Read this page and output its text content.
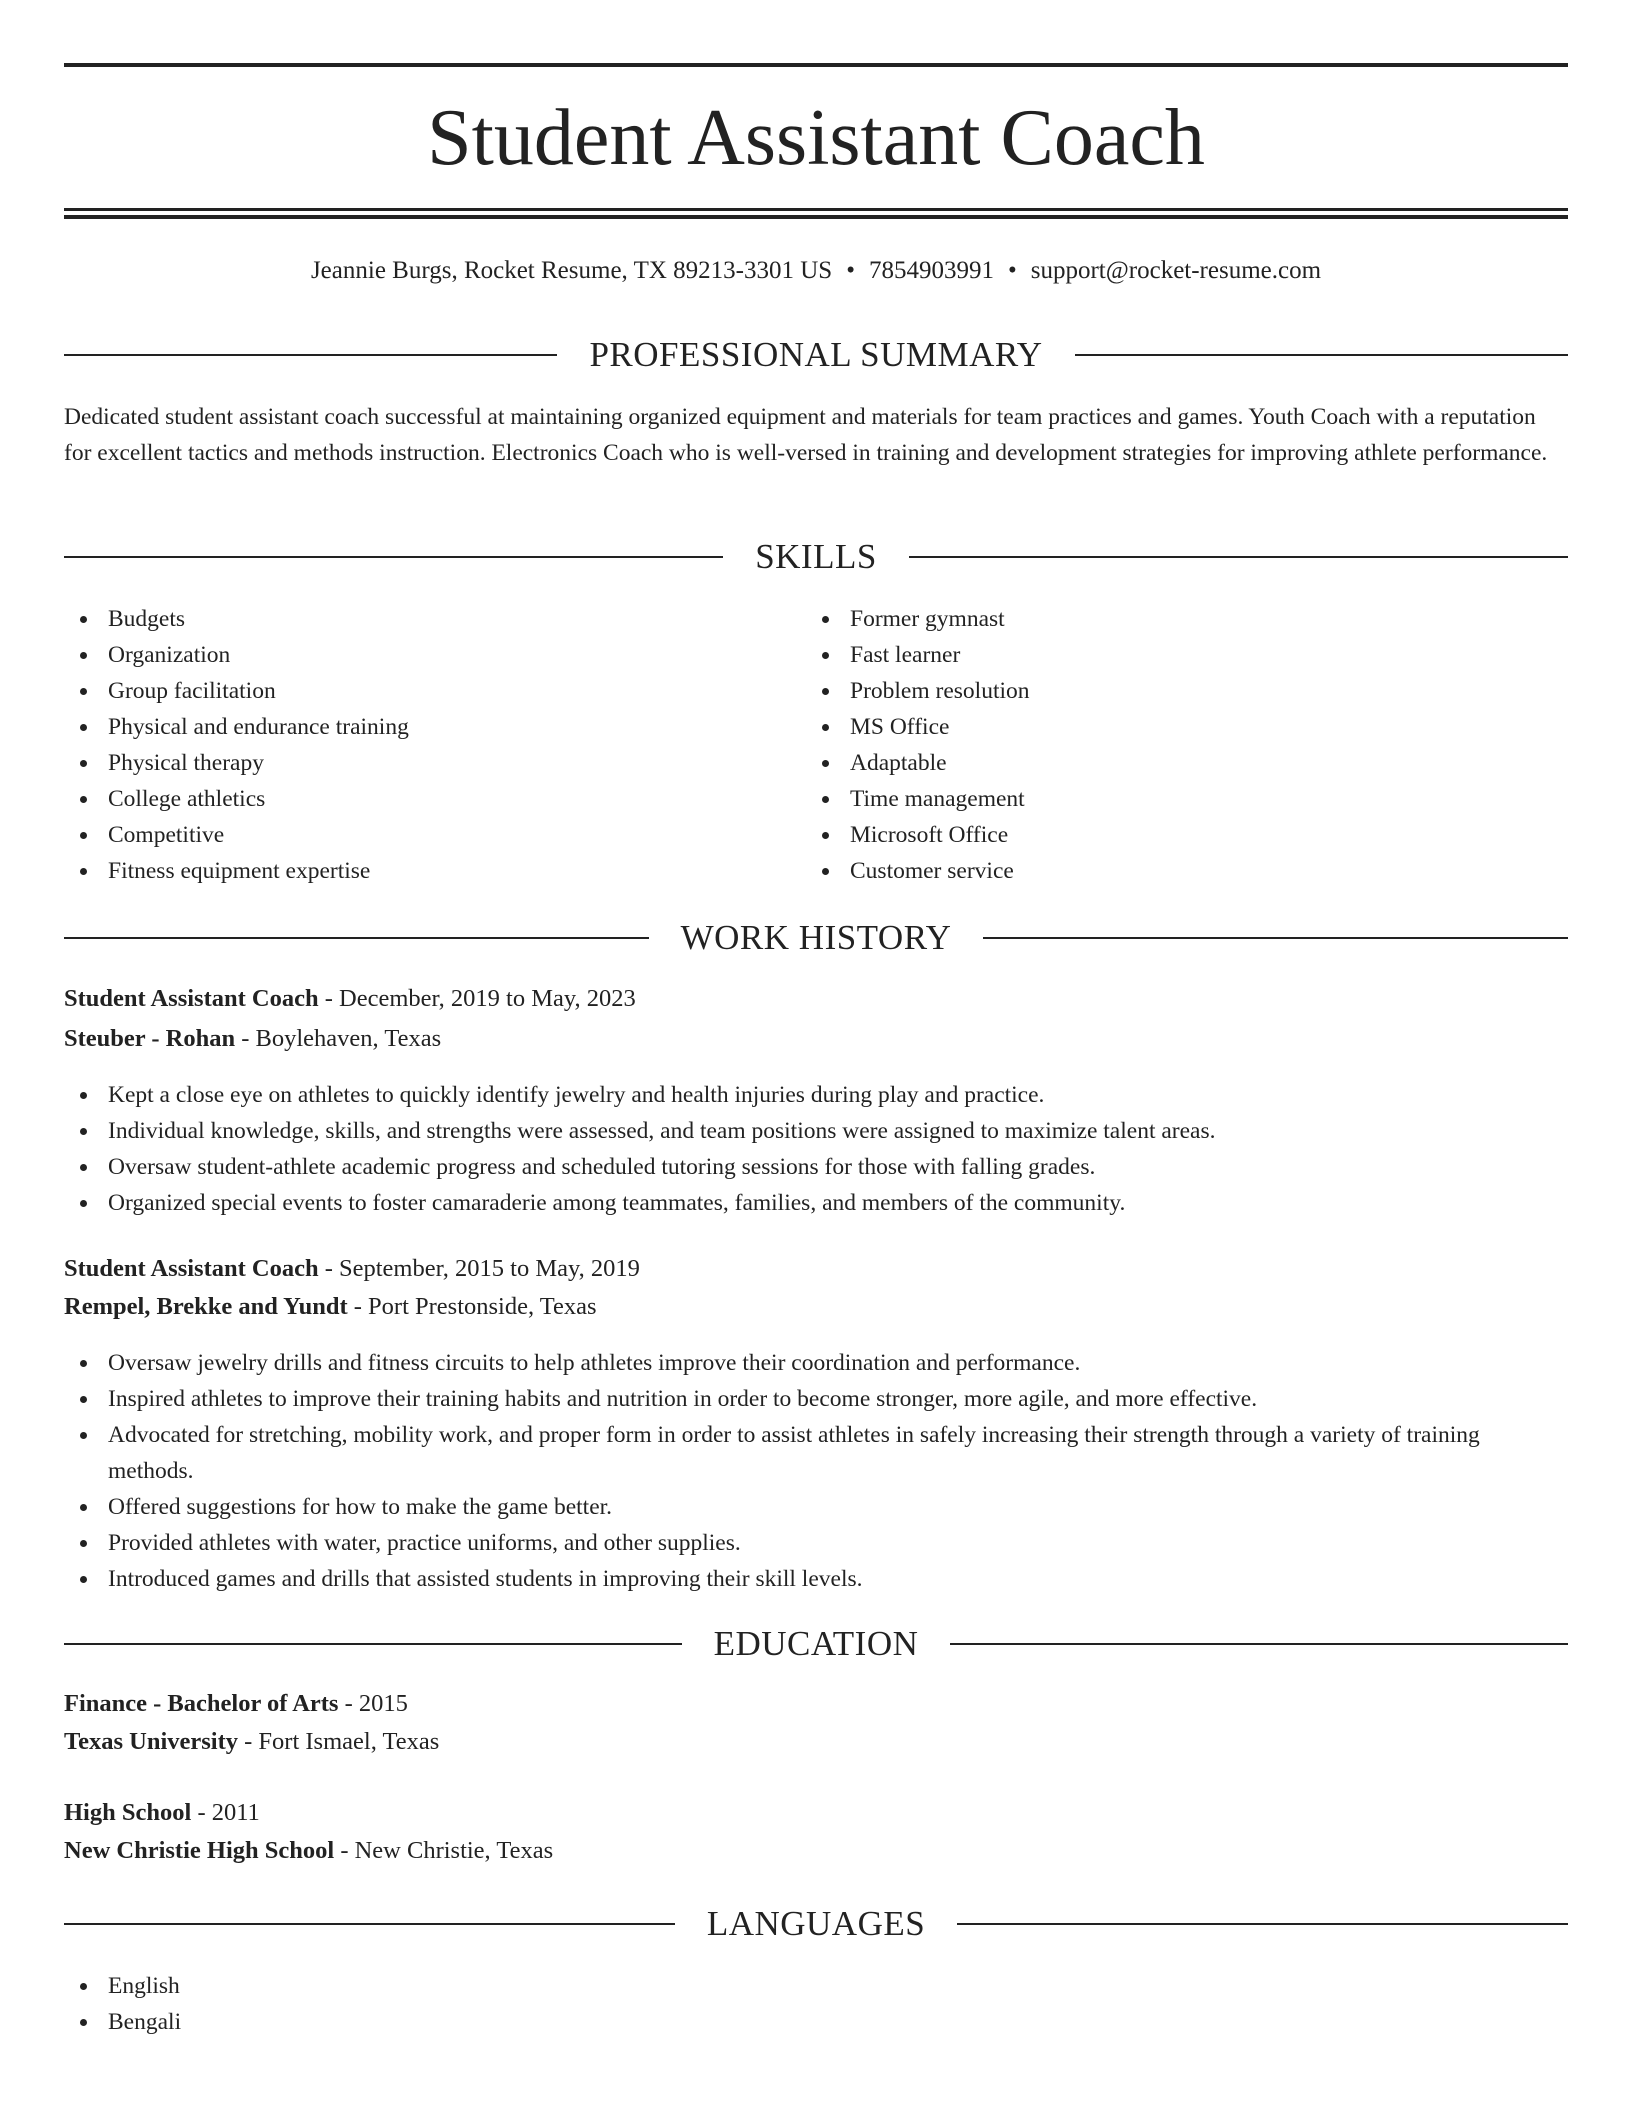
Student Assistant Coach
Jeannie Burgs, Rocket Resume, TX 89213-3301 US • 7854903991 • support@rocket-resume.com
PROFESSIONAL SUMMARY
Dedicated student assistant coach successful at maintaining organized equipment and materials for team practices and games. Youth Coach with a reputation for excellent tactics and methods instruction. Electronics Coach who is well-versed in training and development strategies for improving athlete performance.
SKILLS
Budgets
Organization
Group facilitation
Physical and endurance training
Physical therapy
College athletics
Competitive
Fitness equipment expertise
Former gymnast
Fast learner
Problem resolution
MS Office
Adaptable
Time management
Microsoft Office
Customer service
WORK HISTORY
Student Assistant Coach - December, 2019 to May, 2023
Steuber - Rohan - Boylehaven, Texas
Kept a close eye on athletes to quickly identify jewelry and health injuries during play and practice.
Individual knowledge, skills, and strengths were assessed, and team positions were assigned to maximize talent areas.
Oversaw student-athlete academic progress and scheduled tutoring sessions for those with falling grades.
Organized special events to foster camaraderie among teammates, families, and members of the community.
Student Assistant Coach - September, 2015 to May, 2019
Rempel, Brekke and Yundt - Port Prestonside, Texas
Oversaw jewelry drills and fitness circuits to help athletes improve their coordination and performance.
Inspired athletes to improve their training habits and nutrition in order to become stronger, more agile, and more effective.
Advocated for stretching, mobility work, and proper form in order to assist athletes in safely increasing their strength through a variety of training methods.
Offered suggestions for how to make the game better.
Provided athletes with water, practice uniforms, and other supplies.
Introduced games and drills that assisted students in improving their skill levels.
EDUCATION
Finance - Bachelor of Arts - 2015
Texas University - Fort Ismael, Texas
High School - 2011
New Christie High School - New Christie, Texas
LANGUAGES
English
Bengali
